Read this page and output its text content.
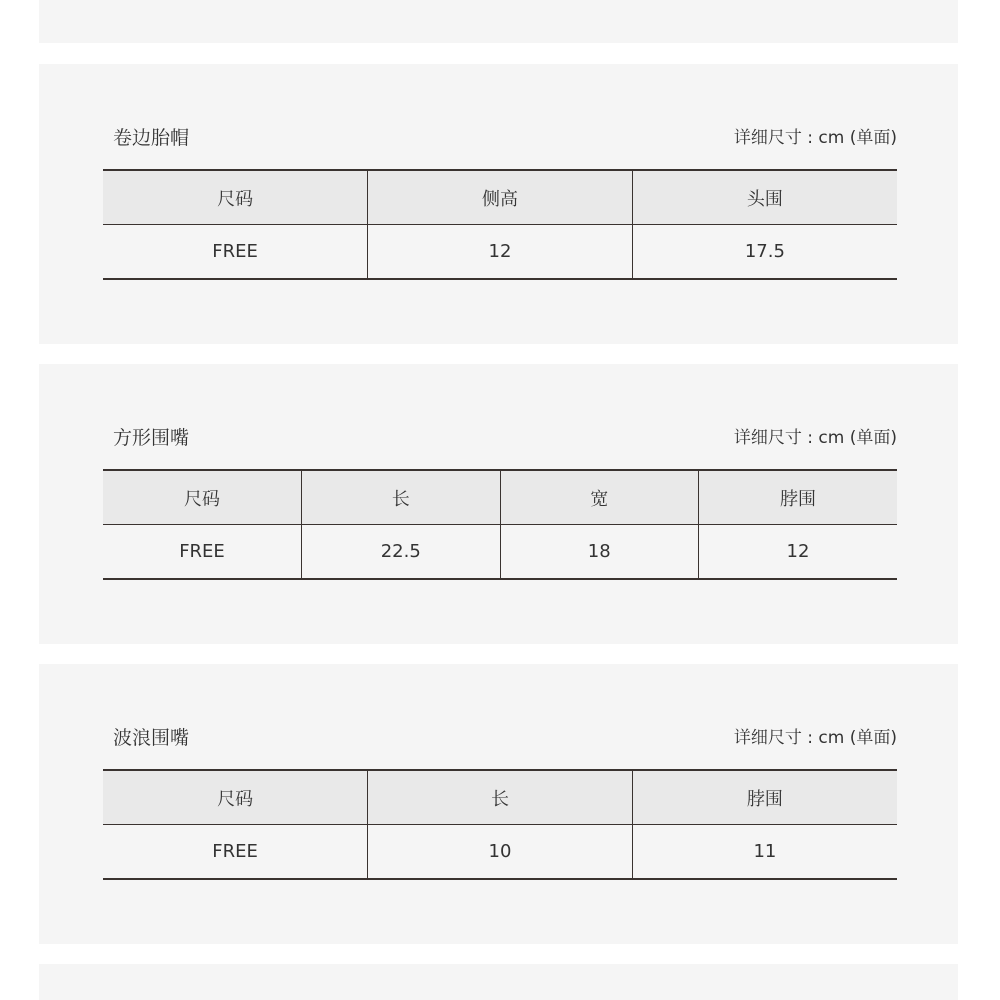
卷边胎帽	详细尺寸 : cm (单面)
尺码	侧高	头围
FREE	12	17.5
方形围嘴	详细尺寸 : cm (单面)
尺码	长	宽	脖围
FREE	22.5	18	12
波浪围嘴	详细尺寸 : cm (单面)
尺码	长	脖围
FREE	10	11
